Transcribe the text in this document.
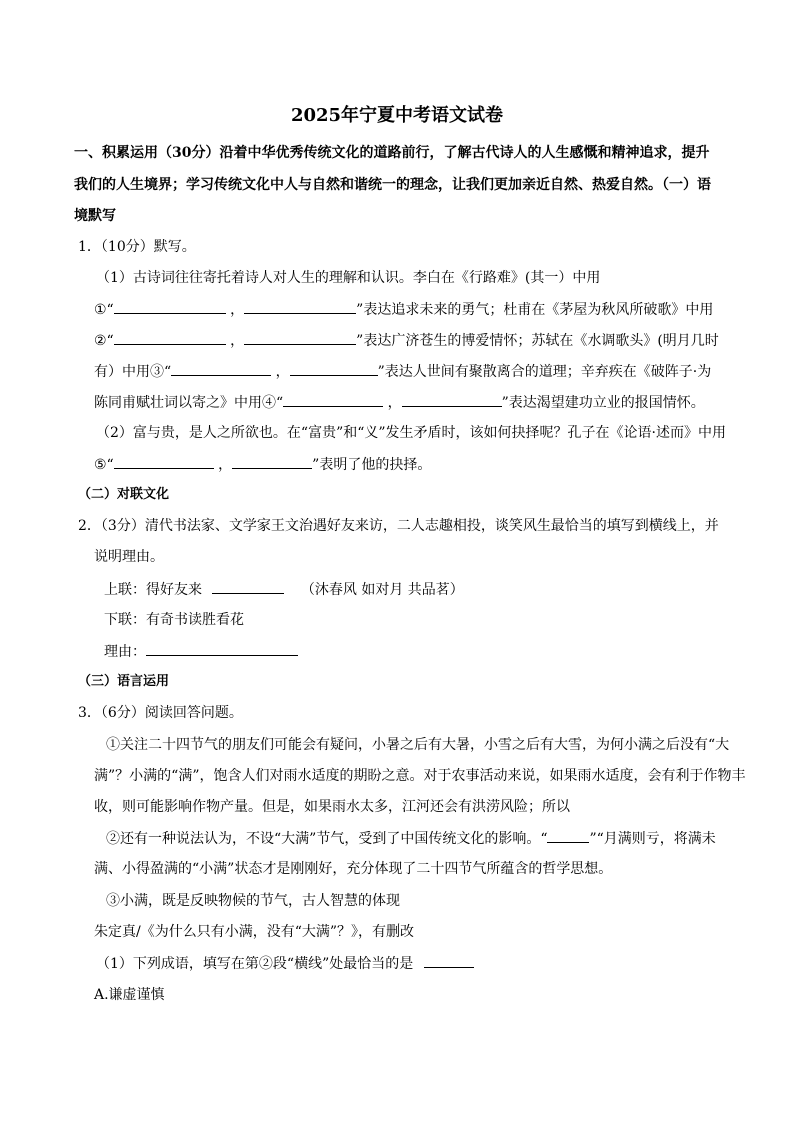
2025年宁夏中考语文试卷
一、积累运用（30分）沿着中华优秀传统文化的道路前行，了解古代诗人的人生感慨和精神追求，提升
我们的人生境界；学习传统文化中人与自然和谐统一的理念，让我们更加亲近自然、热爱自然。（一）语
境默写
1．（10分）默写。
（1）古诗词往往寄托着诗人对人生的理解和认识。李白在《行路难》(其一）中用
①“	，	”表达追求未来的勇气；杜甫在《茅屋为秋风所破歌》中用
②“	，	”表达广济苍生的博爱情怀；苏轼在《水调歌头》(明月几时
有）中用③“	，	”表达人世间有聚散离合的道理；辛弃疾在《破阵子·为
陈同甫赋壮词以寄之》中用④“	，	”表达渴望建功立业的报国情怀。
（2）富与贵，是人之所欲也。在“富贵”和“义”发生矛盾时，该如何抉择呢？孔子在《论语·述而》中用
⑤“	，	”表明了他的抉择。
（二）对联文化
2．（3分）清代书法家、文学家王文治遇好友来访，二人志趣相投，谈笑风生最恰当的填写到横线上，并
说明理由。
上联：得好友来	（沐春风 如对月 共品茗）
下联：有奇书读胜看花
理由：
（三）语言运用
3．（6分）阅读回答问题。
①关注二十四节气的朋友们可能会有疑问，小暑之后有大暑，小雪之后有大雪，为何小满之后没有“大
满”？小满的“满”，饱含人们对雨水适度的期盼之意。对于农事活动来说，如果雨水适度，会有利于作物丰
收，则可能影响作物产量。但是，如果雨水太多，江河还会有洪涝风险；所以
②还有一种说法认为，不设“大满”节气，受到了中国传统文化的影响。“	”“月满则亏，将满未
满、小得盈满的“小满”状态才是刚刚好，充分体现了二十四节气所蕴含的哲学思想。
③小满，既是反映物候的节气，古人智慧的体现
朱定真/《为什么只有小满，没有“大满”？》，有删改
（1）下列成语，填写在第②段“横线”处最恰当的是
A.谦虚谨慎
